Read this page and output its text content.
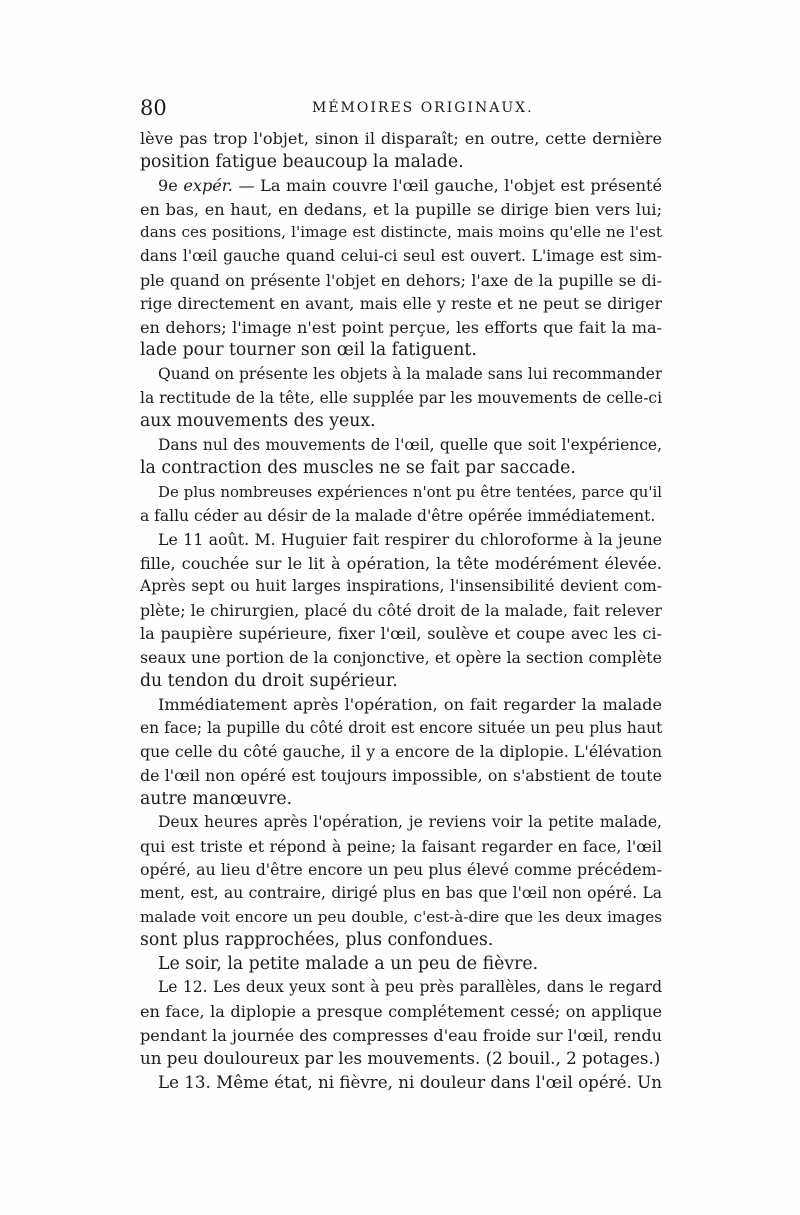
80	MÉMOIRES ORIGINAUX.
lève pas trop l'objet, sinon il disparaît; en outre, cette dernière
position fatigue beaucoup la malade.
9e expér. — La main couvre l'œil gauche, l'objet est présenté
en bas, en haut, en dedans, et la pupille se dirige bien vers lui;
dans ces positions, l'image est distincte, mais moins qu'elle ne l'est
dans l'œil gauche quand celui-ci seul est ouvert. L'image est sim-
ple quand on présente l'objet en dehors; l'axe de la pupille se di-
rige directement en avant, mais elle y reste et ne peut se diriger
en dehors; l'image n'est point perçue, les efforts que fait la ma-
lade pour tourner son œil la fatiguent.
Quand on présente les objets à la malade sans lui recommander
la rectitude de la tête, elle supplée par les mouvements de celle-ci
aux mouvements des yeux.
Dans nul des mouvements de l'œil, quelle que soit l'expérience,
la contraction des muscles ne se fait par saccade.
De plus nombreuses expériences n'ont pu être tentées, parce qu'il
a fallu céder au désir de la malade d'être opérée immédiatement.
Le 11 août. M. Huguier fait respirer du chloroforme à la jeune
fille, couchée sur le lit à opération, la tête modérément élevée.
Après sept ou huit larges inspirations, l'insensibilité devient com-
plète; le chirurgien, placé du côté droit de la malade, fait relever
la paupière supérieure, fixer l'œil, soulève et coupe avec les ci-
seaux une portion de la conjonctive, et opère la section complète
du tendon du droit supérieur.
Immédiatement après l'opération, on fait regarder la malade
en face; la pupille du côté droit est encore située un peu plus haut
que celle du côté gauche, il y a encore de la diplopie. L'élévation
de l'œil non opéré est toujours impossible, on s'abstient de toute
autre manœuvre.
Deux heures après l'opération, je reviens voir la petite malade,
qui est triste et répond à peine; la faisant regarder en face, l'œil
opéré, au lieu d'être encore un peu plus élevé comme précédem-
ment, est, au contraire, dirigé plus en bas que l'œil non opéré. La
malade voit encore un peu double, c'est-à-dire que les deux images
sont plus rapprochées, plus confondues.
Le soir, la petite malade a un peu de fièvre.
Le 12. Les deux yeux sont à peu près parallèles, dans le regard
en face, la diplopie a presque complétement cessé; on applique
pendant la journée des compresses d'eau froide sur l'œil, rendu
un peu douloureux par les mouvements. (2 bouil., 2 potages.)
Le 13. Même état, ni fièvre, ni douleur dans l'œil opéré. Un
